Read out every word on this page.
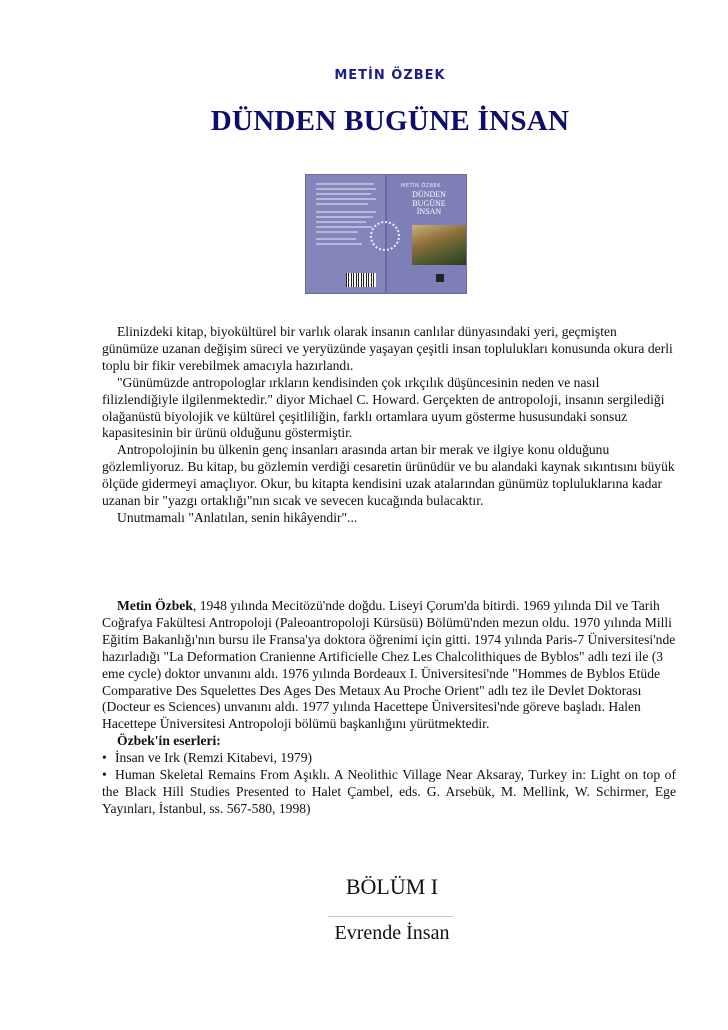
METİN ÖZBEK
DÜNDEN BUGÜNE İNSAN
METİN ÖZBEK
DÜNDEN
BUGÜNE
İNSAN
Elinizdeki kitap, biyokültürel bir varlık olarak insanın canlılar dünyasındaki yeri, geçmişten günümüze uzanan değişim süreci ve yeryüzünde yaşayan çeşitli insan toplulukları konusunda okura derli toplu bir fikir verebilmek amacıyla hazırlandı.
"Günümüzde antropologlar ırkların kendisinden çok ırkçılık düşüncesinin neden ve nasıl filizlendiğiyle ilgilenmektedir." diyor Michael C. Howard. Gerçekten de antropoloji, insanın sergilediği olağanüstü biyolojik ve kültürel çeşitliliğin, farklı ortamlara uyum gösterme hususundaki sonsuz kapasitesinin bir ürünü olduğunu göstermiştir.
Antropolojinin bu ülkenin genç insanları arasında artan bir merak ve ilgiye konu olduğunu gözlemliyoruz. Bu kitap, bu gözlemin verdiği cesaretin ürünüdür ve bu alandaki kaynak sıkıntısını büyük ölçüde gidermeyi amaçlıyor. Okur, bu kitapta kendisini uzak atalarından günümüz topluluklarına kadar uzanan bir "yazgı ortaklığı"nın sıcak ve sevecen kucağında bulacaktır.
Unutmamalı "Anlatılan, senin hikâyendir"...
Metin Özbek, 1948 yılında Mecitözü'nde doğdu. Liseyi Çorum'da bitirdi. 1969 yılında Dil ve Tarih Coğrafya Fakültesi Antropoloji (Paleoantropoloji Kürsüsü) Bölümü'nden mezun oldu. 1970 yılında Milli Eğitim Bakanlığı'nın bursu ile Fransa'ya doktora öğrenimi için gitti. 1974 yılında Paris-7 Üniversitesi'nde hazırladığı "La Deformation Cranienne Artificielle Chez Les Chalcolithiques de Byblos" adlı tezi ile (3 eme cycle) doktor unvanını aldı. 1976 yılında Bordeaux I. Üniversitesi'nde "Hommes de Byblos Etüde Comparative Des Squelettes Des Ages Des Metaux Au Proche Orient" adlı tez ile Devlet Doktorası (Docteur es Sciences) unvanını aldı. 1977 yılında Hacettepe Üniversitesi'nde göreve başladı. Halen Hacettepe Üniversitesi Antropoloji bölümü başkanlığını yürütmektedir.
Özbek'in eserleri:
• İnsan ve Irk (Remzi Kitabevi, 1979)
• Human Skeletal Remains From Aşıklı. A Neolithic Village Near Aksaray, Turkey in: Light on top of the Black Hill Studies Presented to Halet Çambel, eds. G. Arsebük, M. Mellink, W. Schirmer, Ege Yayınları, İstanbul, ss. 567-580, 1998)
BÖLÜM I
Evrende İnsan
